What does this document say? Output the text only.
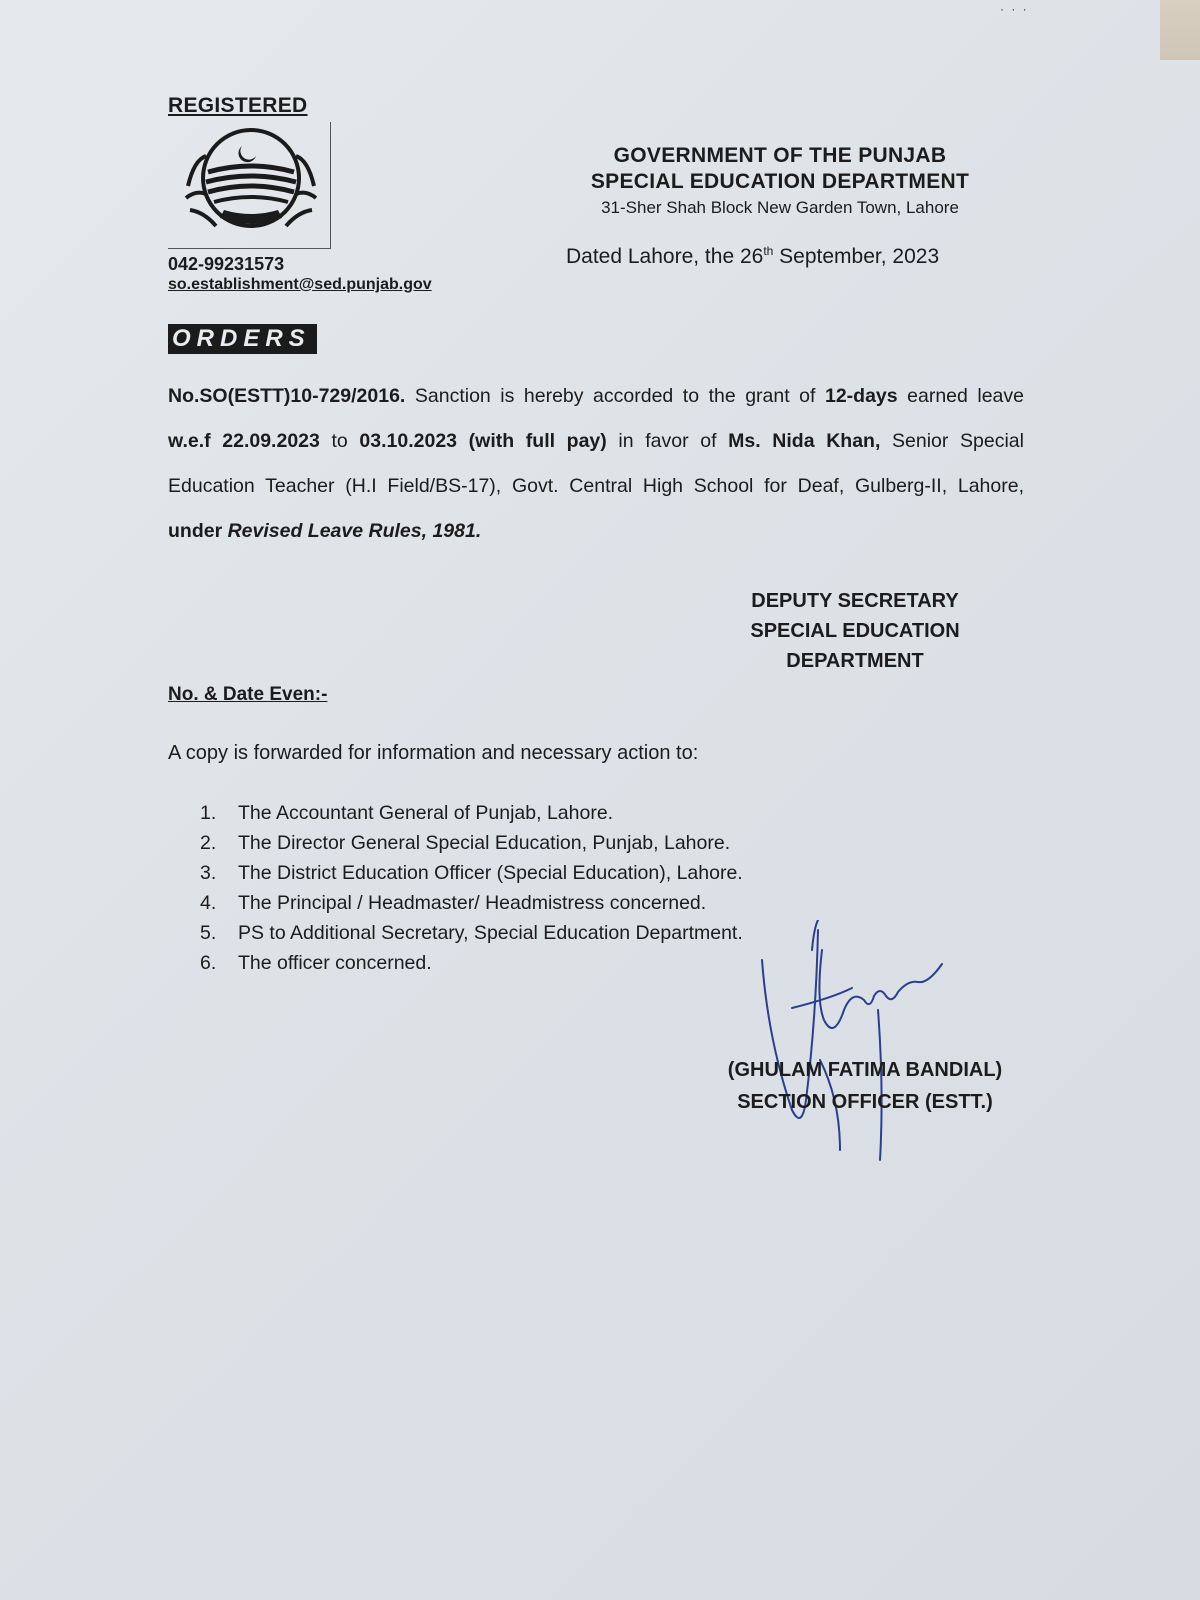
· · ·
REGISTERED
042-99231573
so.establishment@sed.punjab.gov
GOVERNMENT OF THE PUNJAB
SPECIAL EDUCATION DEPARTMENT
31-Sher Shah Block New Garden Town, Lahore
Dated Lahore, the 26th September, 2023
ORDERS
No.SO(ESTT)10-729/2016. Sanction is hereby accorded to the grant of 12-days earned leave w.e.f 22.09.2023 to 03.10.2023 (with full pay) in favor of Ms. Nida Khan, Senior Special Education Teacher (H.I Field/BS-17), Govt. Central High School for Deaf, Gulberg-II, Lahore, under Revised Leave Rules, 1981.
DEPUTY SECRETARY
SPECIAL EDUCATION
DEPARTMENT
No. & Date Even:-
A copy is forwarded for information and necessary action to:
1. The Accountant General of Punjab, Lahore.
2. The Director General Special Education, Punjab, Lahore.
3. The District Education Officer (Special Education), Lahore.
4. The Principal / Headmaster/ Headmistress concerned.
5. PS to Additional Secretary, Special Education Department.
6. The officer concerned.
(GHULAM FATIMA BANDIAL)
SECTION OFFICER (ESTT.)
